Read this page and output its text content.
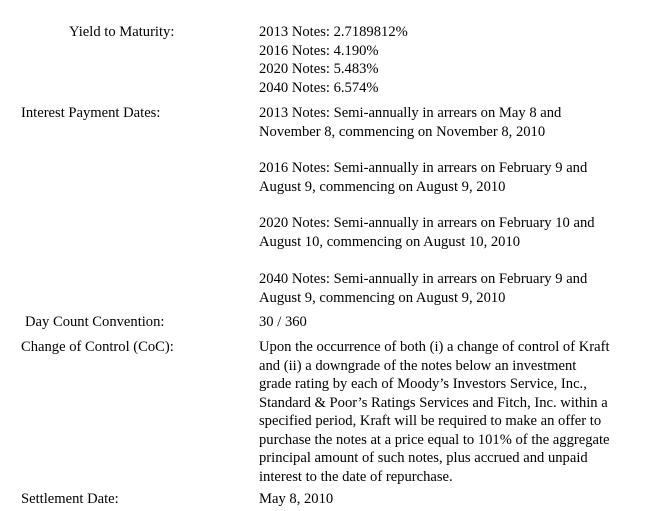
Yield to Maturity:	2013 Notes: 2.7189812%
2016 Notes: 4.190%
2020 Notes: 5.483%
2040 Notes: 6.574%
Interest Payment Dates:	2013 Notes: Semi-annually in arrears on May 8 and
November 8, commencing on November 8, 2010
2016 Notes: Semi-annually in arrears on February 9 and
August 9, commencing on August 9, 2010
2020 Notes: Semi-annually in arrears on February 10 and
August 10, commencing on August 10, 2010
2040 Notes: Semi-annually in arrears on February 9 and
August 9, commencing on August 9, 2010
Day Count Convention:	30 / 360
Change of Control (CoC):	Upon the occurrence of both (i) a change of control of Kraft
and (ii) a downgrade of the notes below an investment
grade rating by each of Moody’s Investors Service, Inc.,
Standard & Poor’s Ratings Services and Fitch, Inc. within a
specified period, Kraft will be required to make an offer to
purchase the notes at a price equal to 101% of the aggregate
principal amount of such notes, plus accrued and unpaid
interest to the date of repurchase.
Settlement Date:	May 8, 2010
